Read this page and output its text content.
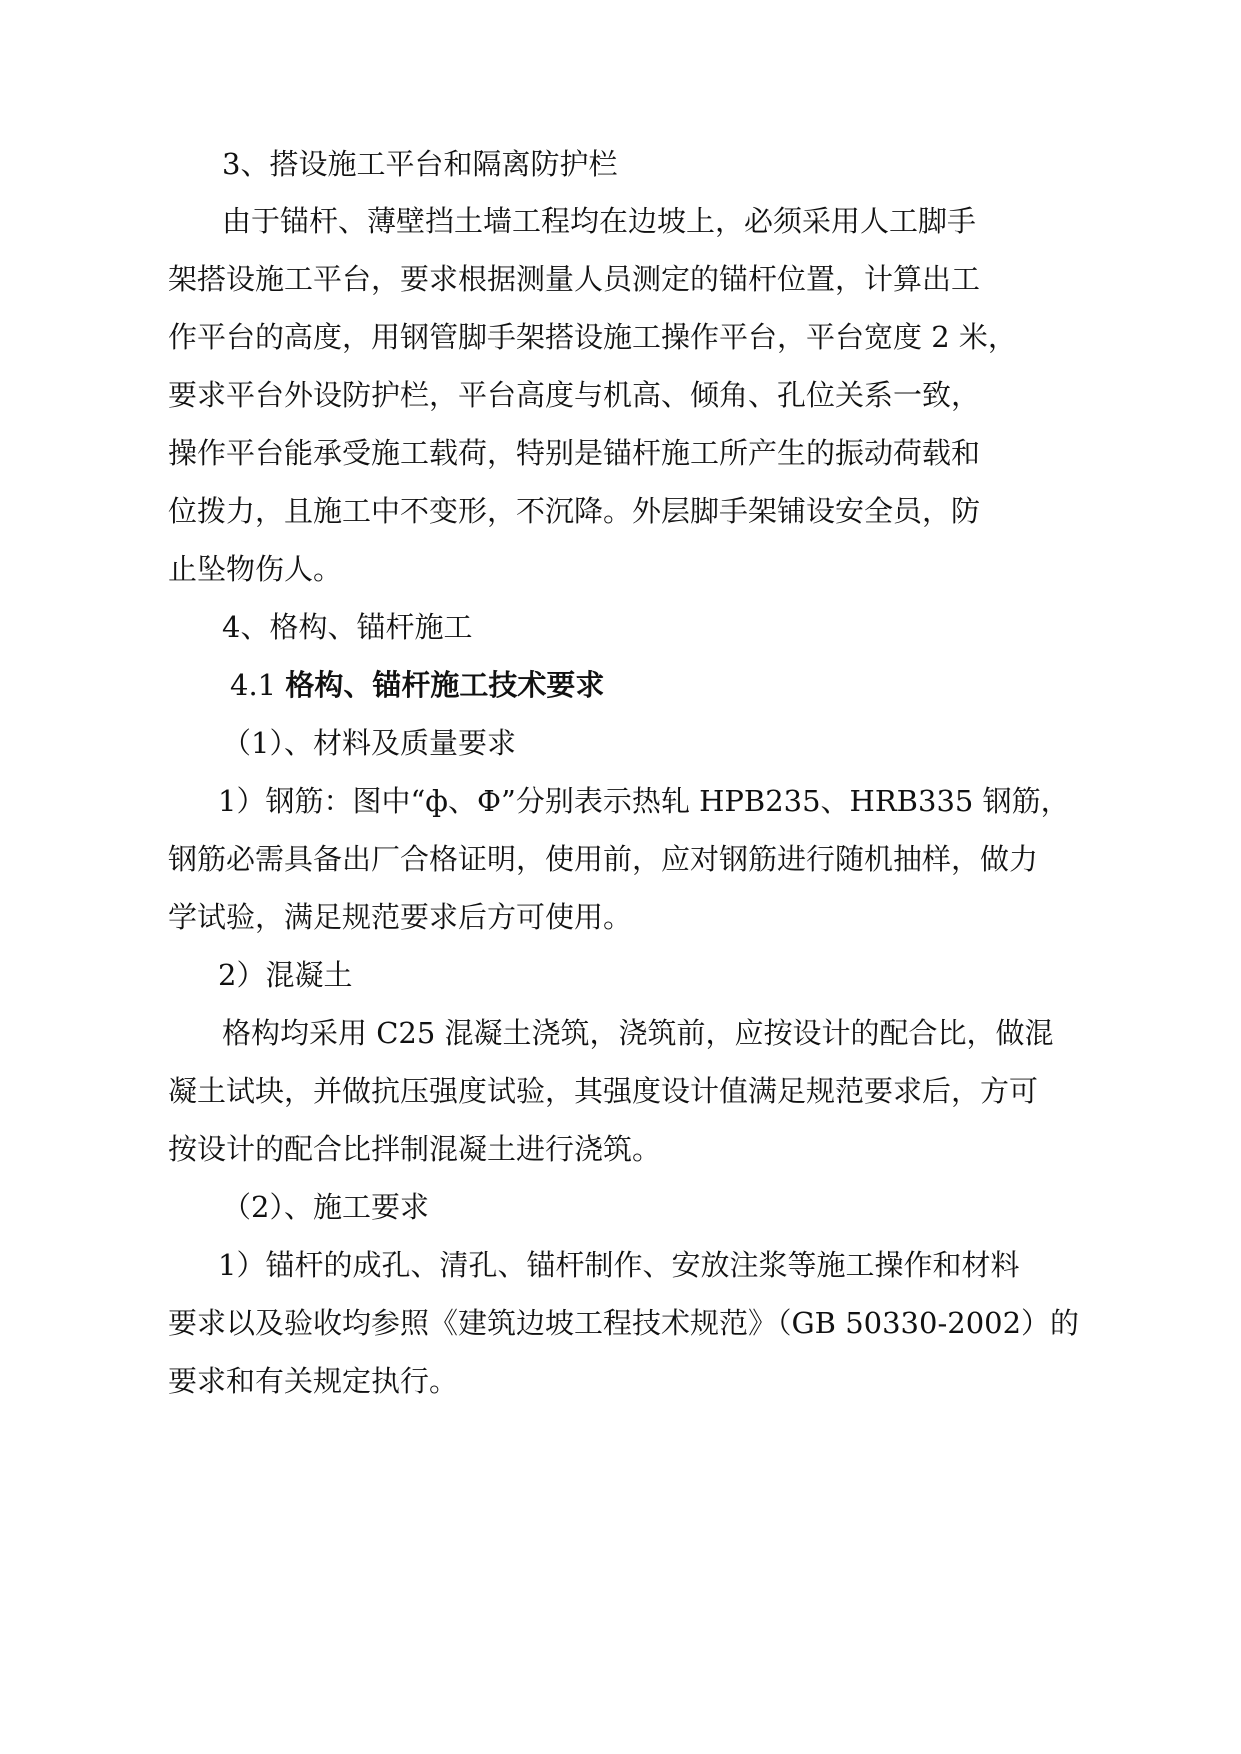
3、搭设施工平台和隔离防护栏
由于锚杆、薄壁挡土墙工程均在边坡上，必须采用人工脚手
架搭设施工平台，要求根据测量人员测定的锚杆位置，计算出工
作平台的高度，用钢管脚手架搭设施工操作平台，平台宽度 2 米，
要求平台外设防护栏，平台高度与机高、倾角、孔位关系一致，
操作平台能承受施工载荷，特别是锚杆施工所产生的振动荷载和
位拨力，且施工中不变形，不沉降。外层脚手架铺设安全员，防
止坠物伤人。
4、格构、锚杆施工
4.1 格构、锚杆施工技术要求
（1）、材料及质量要求
1）钢筋：图中“ф、Ф”分别表示热轧 HPB235、HRB335 钢筋，
钢筋必需具备出厂合格证明，使用前，应对钢筋进行随机抽样，做力
学试验，满足规范要求后方可使用。
2）混凝土
格构均采用 C25 混凝土浇筑，浇筑前，应按设计的配合比，做混
凝土试块，并做抗压强度试验，其强度设计值满足规范要求后，方可
按设计的配合比拌制混凝土进行浇筑。
（2）、施工要求
1）锚杆的成孔、清孔、锚杆制作、安放注浆等施工操作和材料
要求以及验收均参照《建筑边坡工程技术规范》（GB 50330-2002）的
要求和有关规定执行。
